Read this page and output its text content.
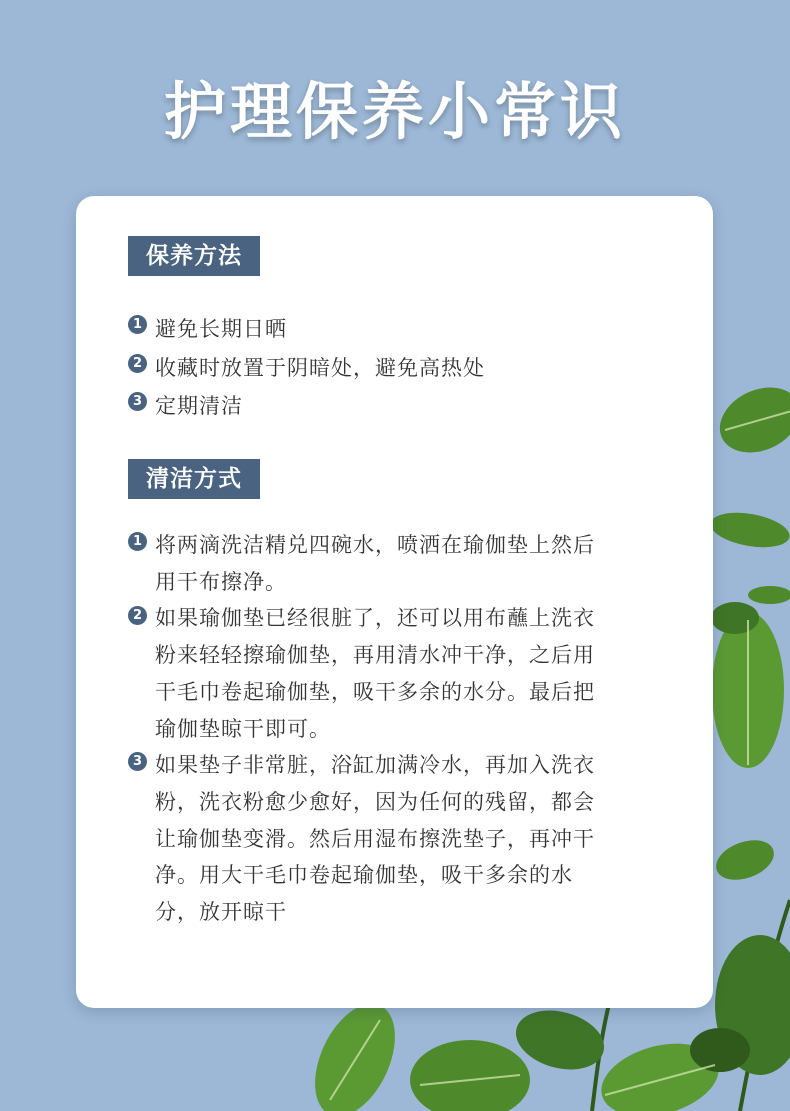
护理保养小常识
保养方法
1 避免长期日晒
2 收藏时放置于阴暗处，避免高热处
3 定期清洁
清洁方式
1 将两滴洗洁精兑四碗水，喷洒在瑜伽垫上然后用干布擦净。
2 如果瑜伽垫已经很脏了，还可以用布蘸上洗衣粉来轻轻擦瑜伽垫，再用清水冲干净，之后用干毛巾卷起瑜伽垫，吸干多余的水分。最后把瑜伽垫晾干即可。
3 如果垫子非常脏，浴缸加满冷水，再加入洗衣粉，洗衣粉愈少愈好，因为任何的残留，都会让瑜伽垫变滑。然后用湿布擦洗垫子，再冲干净。用大干毛巾卷起瑜伽垫，吸干多余的水分，放开晾干
